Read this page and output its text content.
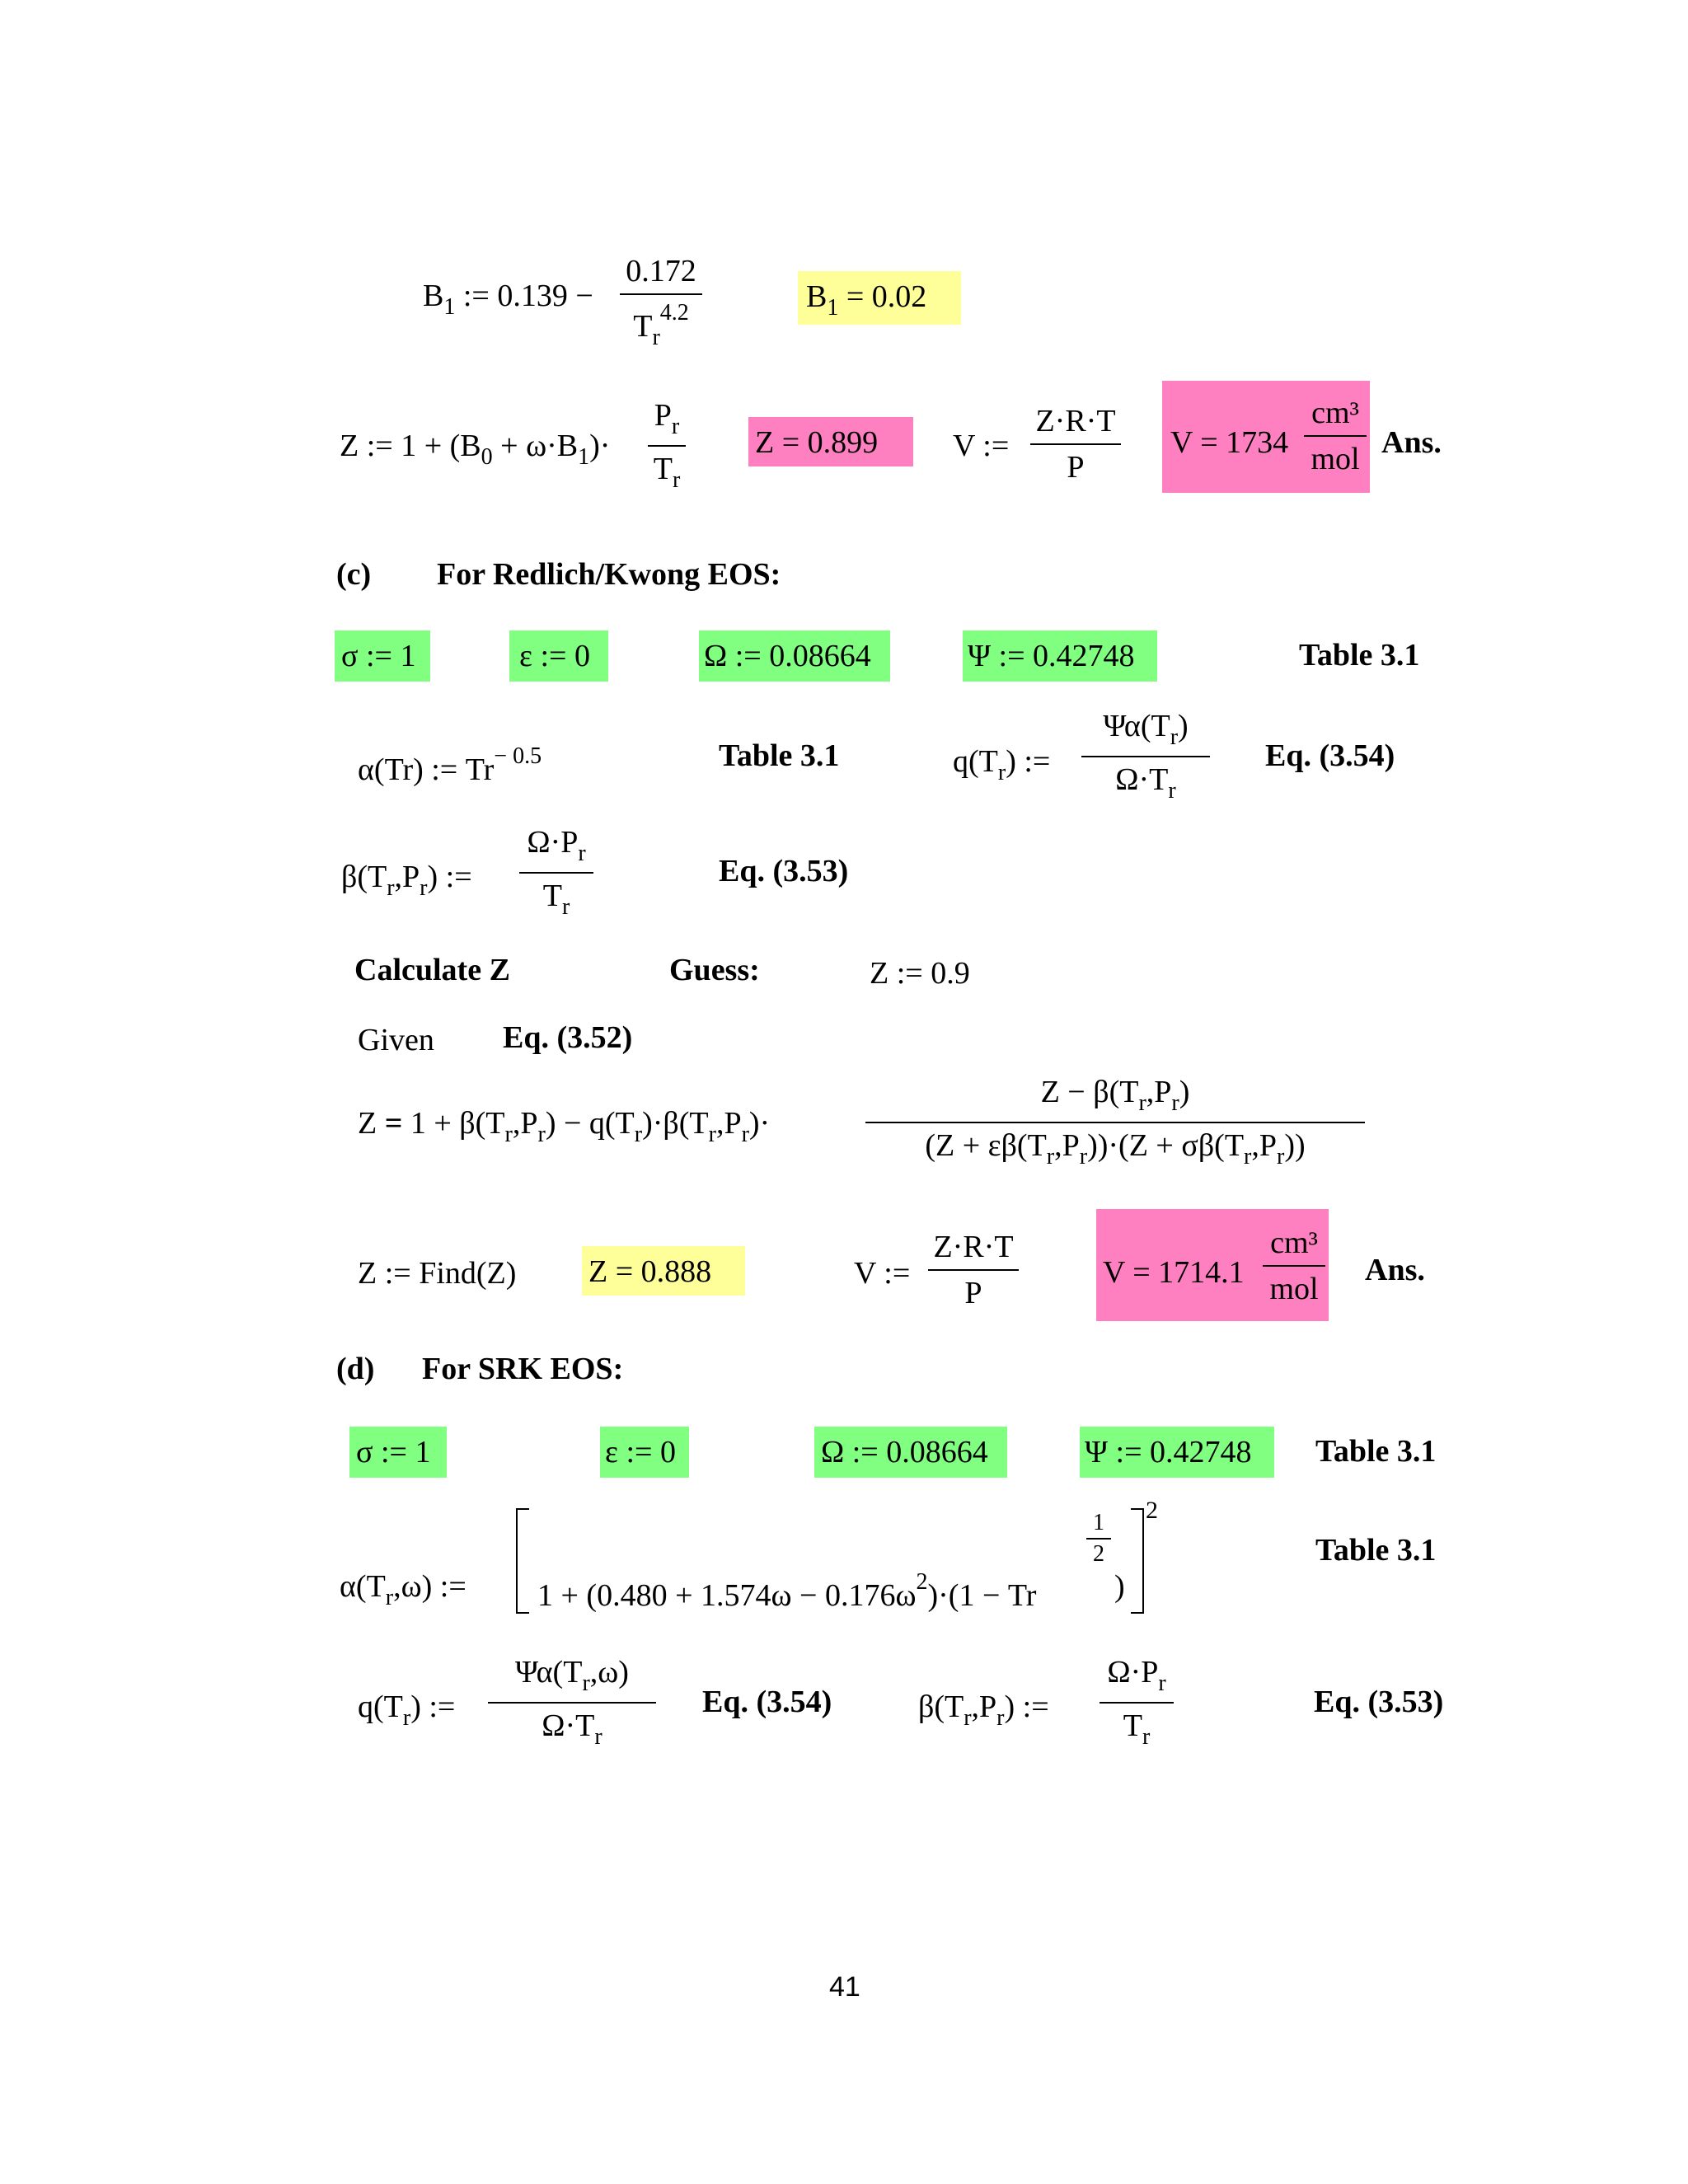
$B_1$ := 0.139 −
0.172
$T_r^{4.2}$	$B_1 = 0.02$
Z := $1 + (B_0 + \omega\cdot B_1)\cdot$
$P_r$
$T_r$
Z = 0.899 V :=
Z·R·T
P
V = 1734
cm³
mol Ans.
(c) For Redlich/Kwong EOS:
σ := 1	ε := 0	Ω := 0.08664	Ψ := 0.42748	Table 3.1
α(Tr) := $Tr^{- 0.5}$	Table 3.1	$q(T_r)$ :=
$\Psi\alpha(T_r)$
$\Omega\cdot T_r$
Eq. (3.54)
$\beta(T_r,P_r)$ :=
$\Omega\cdot P_r$
$T_r$
Eq. (3.53)
Calculate Z	Guess:	Z := 0.9
Given Eq. (3.52)
$Z = 1 + \beta(T_r,P_r) - q(T_r)\cdot\beta(T_r,P_r)\cdot$
$Z - \beta(T_r,P_r)$
$(Z + \varepsilon\beta(T_r,P_r))\cdot(Z + \sigma\beta(T_r,P_r))$
Z := Find(Z) Z = 0.888	V :=
Z·R·T
P
V = 1714.1
cm³
mol
Ans.
(d) For SRK EOS:
σ := 1	ε := 0	Ω := 0.08664	Ψ := 0.42748 Table 3.1
$\alpha(T_r,\omega)$ := $1 + (0.480 + 1.574\omega - 0.176\omega^2)\cdot(1 - Tr$
1
2
)
2
Table 3.1
$q(T_r)$ :=
$\Psi\alpha(T_r,\omega)$
$\Omega\cdot T_r$
Eq. (3.54)	$\beta(T_r,P_r)$ :=
$\Omega\cdot P_r$
$T_r$
Eq. (3.53)
41
